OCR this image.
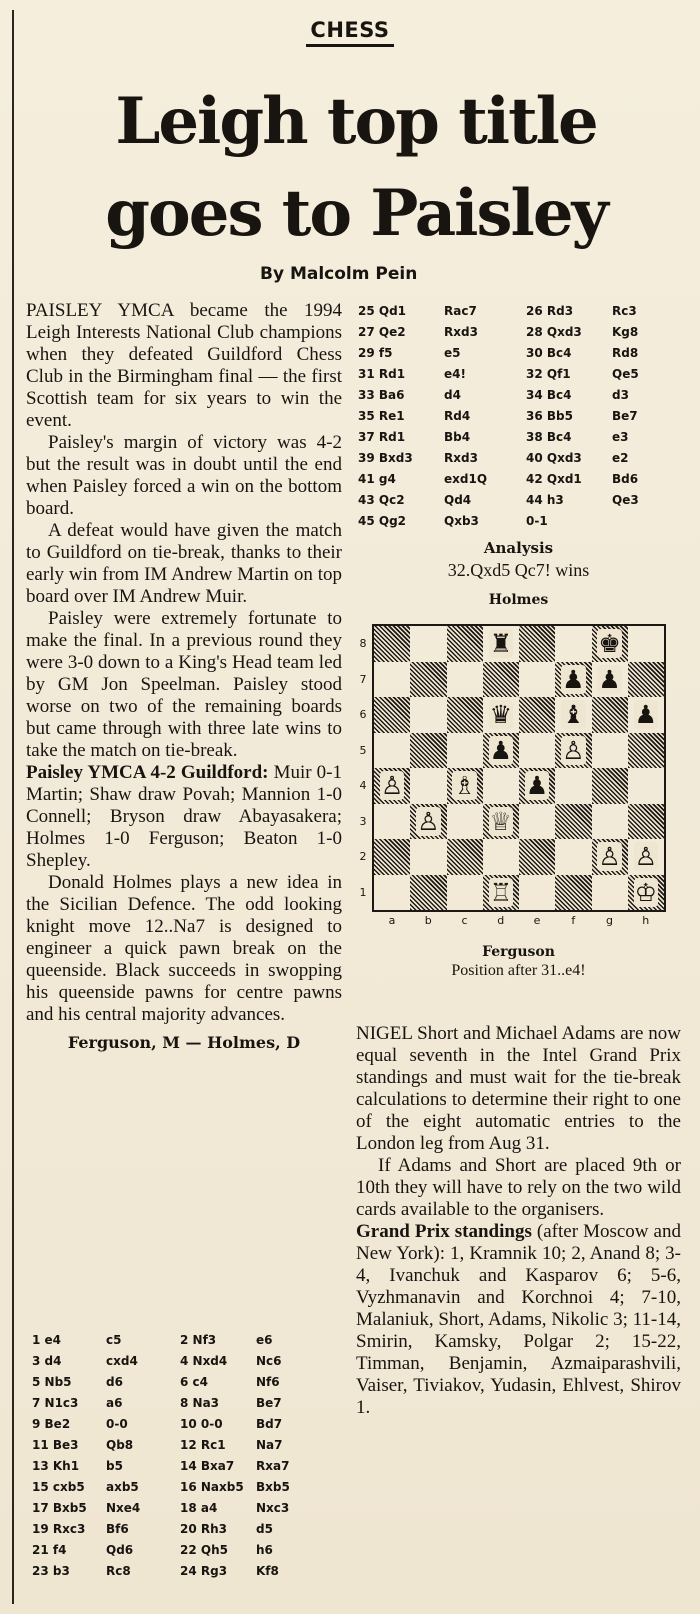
CHESS
Leigh top title
goes to Paisley
By Malcolm Pein

PAISLEY YMCA became the 1994 Leigh Interests National Club champions when they defeated Guildford Chess Club in the Birmingham final — the first Scottish team for six years to win the event.

Paisley's margin of victory was 4-2 but the result was in doubt until the end when Paisley forced a win on the bottom board.

A defeat would have given the match to Guildford on tie-break, thanks to their early win from IM Andrew Martin on top board over IM Andrew Muir.

Paisley were extremely fortunate to make the final. In a previous round they were 3-0 down to a King's Head team led by GM Jon Speelman. Paisley stood worse on two of the remaining boards but came through with three late wins to take the match on tie-break.

Paisley YMCA 4-2 Guildford: Muir 0-1 Martin; Shaw draw Povah; Mannion 1-0 Connell; Bryson draw Abayasakera; Holmes 1-0 Ferguson; Beaton 1-0 Shepley.

Donald Holmes plays a new idea in the Sicilian Defence. The odd looking knight move 12..Na7 is designed to engineer a quick pawn break on the queenside. Black succeeds in swopping his queenside pawns for centre pawns and his central majority advances.

Ferguson, M — Holmes, D
1 e4	c5	2 Nf3	e6
3 d4	cxd4	4 Nxd4 Nc6
5 Nb5	d6	6 c4	Nf6
7 N1c3 a6	8 Na3	Be7
9 Be2	0-0	10 0-0	Bd7
11 Be3 Qb8	12 Rc1	Na7
13 Kh1 b5	14 Bxa7 Rxa7
15 cxb5 axb5	16 Naxb5 Bxb5
17 Bxb5 Nxe4	18 a4	Nxc3
19 Rxc3 Bf6	20 Rh3 d5
21 f4	Qd6	22 Qh5 h6
23 b3	Rc8	24 Rg3 Kf8
25 Qd1	Rac7	26 Rd3	Rc3
27 Qe2	Rxd3	28 Qxd3	Kg8
29 f5	e5	30 Bc4	Rd8
31 Rd1	e4!	32 Qf1	Qe5
33 Ba6	d4	34 Bc4	d3
35 Re1	Rd4	36 Bb5	Be7
37 Rd1	Bb4	38 Bc4	e3
39 Bxd3	Rxd3	40 Qxd3	e2
41 g4	exd1Q	42 Qxd1	Bd6
43 Qc2	Qd4	44 h3	Qe3
45 Qg2	Qxb3	0-1
Analysis
32.Qxd5 Qc7! wins
Holmes
♜	♚
♟ ♟
♛ ♝ ♟
♟ ♙
♙ ♗ ♟
♙ ♕
♙ ♙
♖	♔
8
7
6
5
4
3
2
1
a	b	c	d	e	f	g	h
Ferguson
Position after 31..e4!

NIGEL Short and Michael Adams are now equal seventh in the Intel Grand Prix standings and must wait for the tie-break calculations to determine their right to one of the eight automatic entries to the London leg from Aug 31.

If Adams and Short are placed 9th or 10th they will have to rely on the two wild cards available to the organisers.

Grand Prix standings (after Moscow and New York): 1, Kramnik 10; 2, Anand 8; 3-4, Ivanchuk and Kasparov 6; 5-6, Vyzhmanavin and Korchnoi 4; 7-10, Malaniuk, Short, Adams, Nikolic 3; 11-14, Smirin, Kamsky, Polgar 2; 15-22, Timman, Benjamin, Azmaiparashvili, Vaiser, Tiviakov, Yudasin, Ehlvest, Shirov 1.
